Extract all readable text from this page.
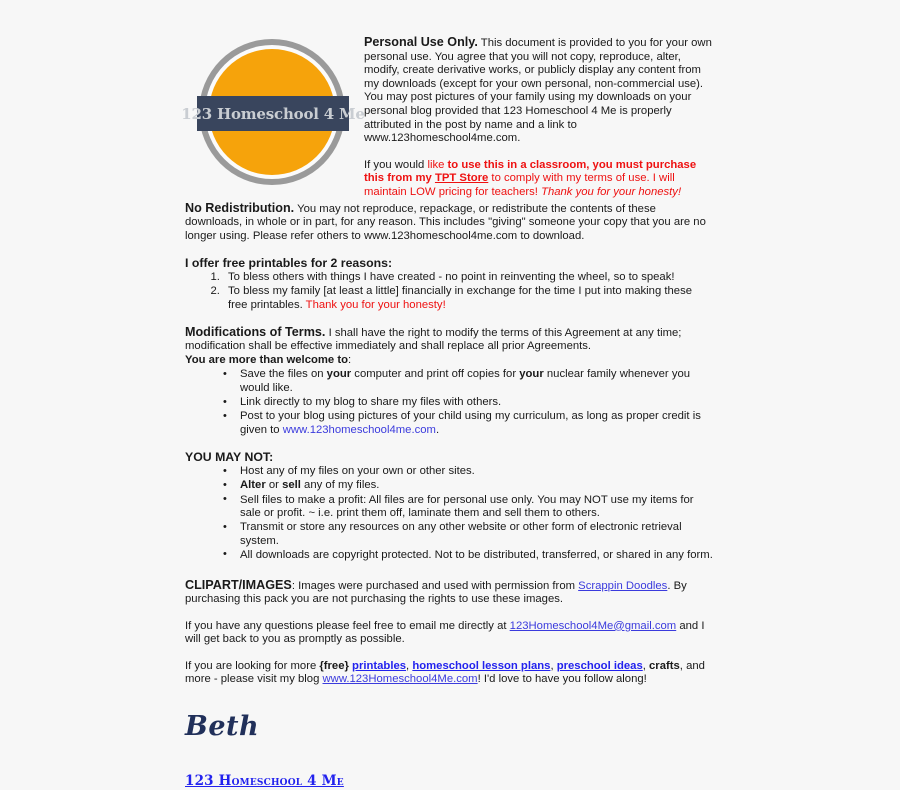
123 Homeschool 4 Me

Personal Use Only. This document is provided to you for your own personal use. You agree that you will not copy, reproduce, alter, modify, create derivative works, or publicly display any content from my downloads (except for your own personal, non-commercial use). You may post pictures of your family using my downloads on your personal blog provided that 123 Homeschool 4 Me is properly attributed in the post by name and a link to www.123homeschool4me.com.

If you would like to use this in a classroom, you must purchase this from my TPT Store to comply with my terms of use. I will maintain LOW pricing for teachers! Thank you for your honesty!

No Redistribution. You may not reproduce, repackage, or redistribute the contents of these downloads, in whole or in part, for any reason. This includes "giving" someone your copy that you are no longer using. Please refer others to www.123homeschool4me.com to download.

I offer free printables for 2 reasons:
1. To bless others with things I have created - no point in reinventing the wheel, so to speak!
2. To bless my family [at least a little] financially in exchange for the time I put into making these free printables. Thank you for your honesty!

Modifications of Terms. I shall have the right to modify the terms of this Agreement at any time; modification shall be effective immediately and shall replace all prior Agreements.

You are more than welcome to:

• Save the files on your computer and print off copies for your nuclear family whenever you would like.
• Link directly to my blog to share my files with others.
• Post to your blog using pictures of your child using my curriculum, as long as proper credit is given to www.123homeschool4me.com.
YOU MAY NOT:
• Host any of my files on your own or other sites.
• Alter or sell any of my files.
• Sell files to make a profit: All files are for personal use only. You may NOT use my items for sale or profit. ~ i.e. print them off, laminate them and sell them to others.
• Transmit or store any resources on any other website or other form of electronic retrieval system.
• All downloads are copyright protected. Not to be distributed, transferred, or shared in any form.

CLIPART/IMAGES: Images were purchased and used with permission from Scrappin Doodles. By purchasing this pack you are not purchasing the rights to use these images.

If you have any questions please feel free to email me directly at 123Homeschool4Me@gmail.com and I will get back to you as promptly as possible.

If you are looking for more {free} printables, homeschool lesson plans, preschool ideas, crafts, and more - please visit my blog www.123Homeschool4Me.com! I'd love to have you follow along!

Beth
123 Homeschool 4 Me
